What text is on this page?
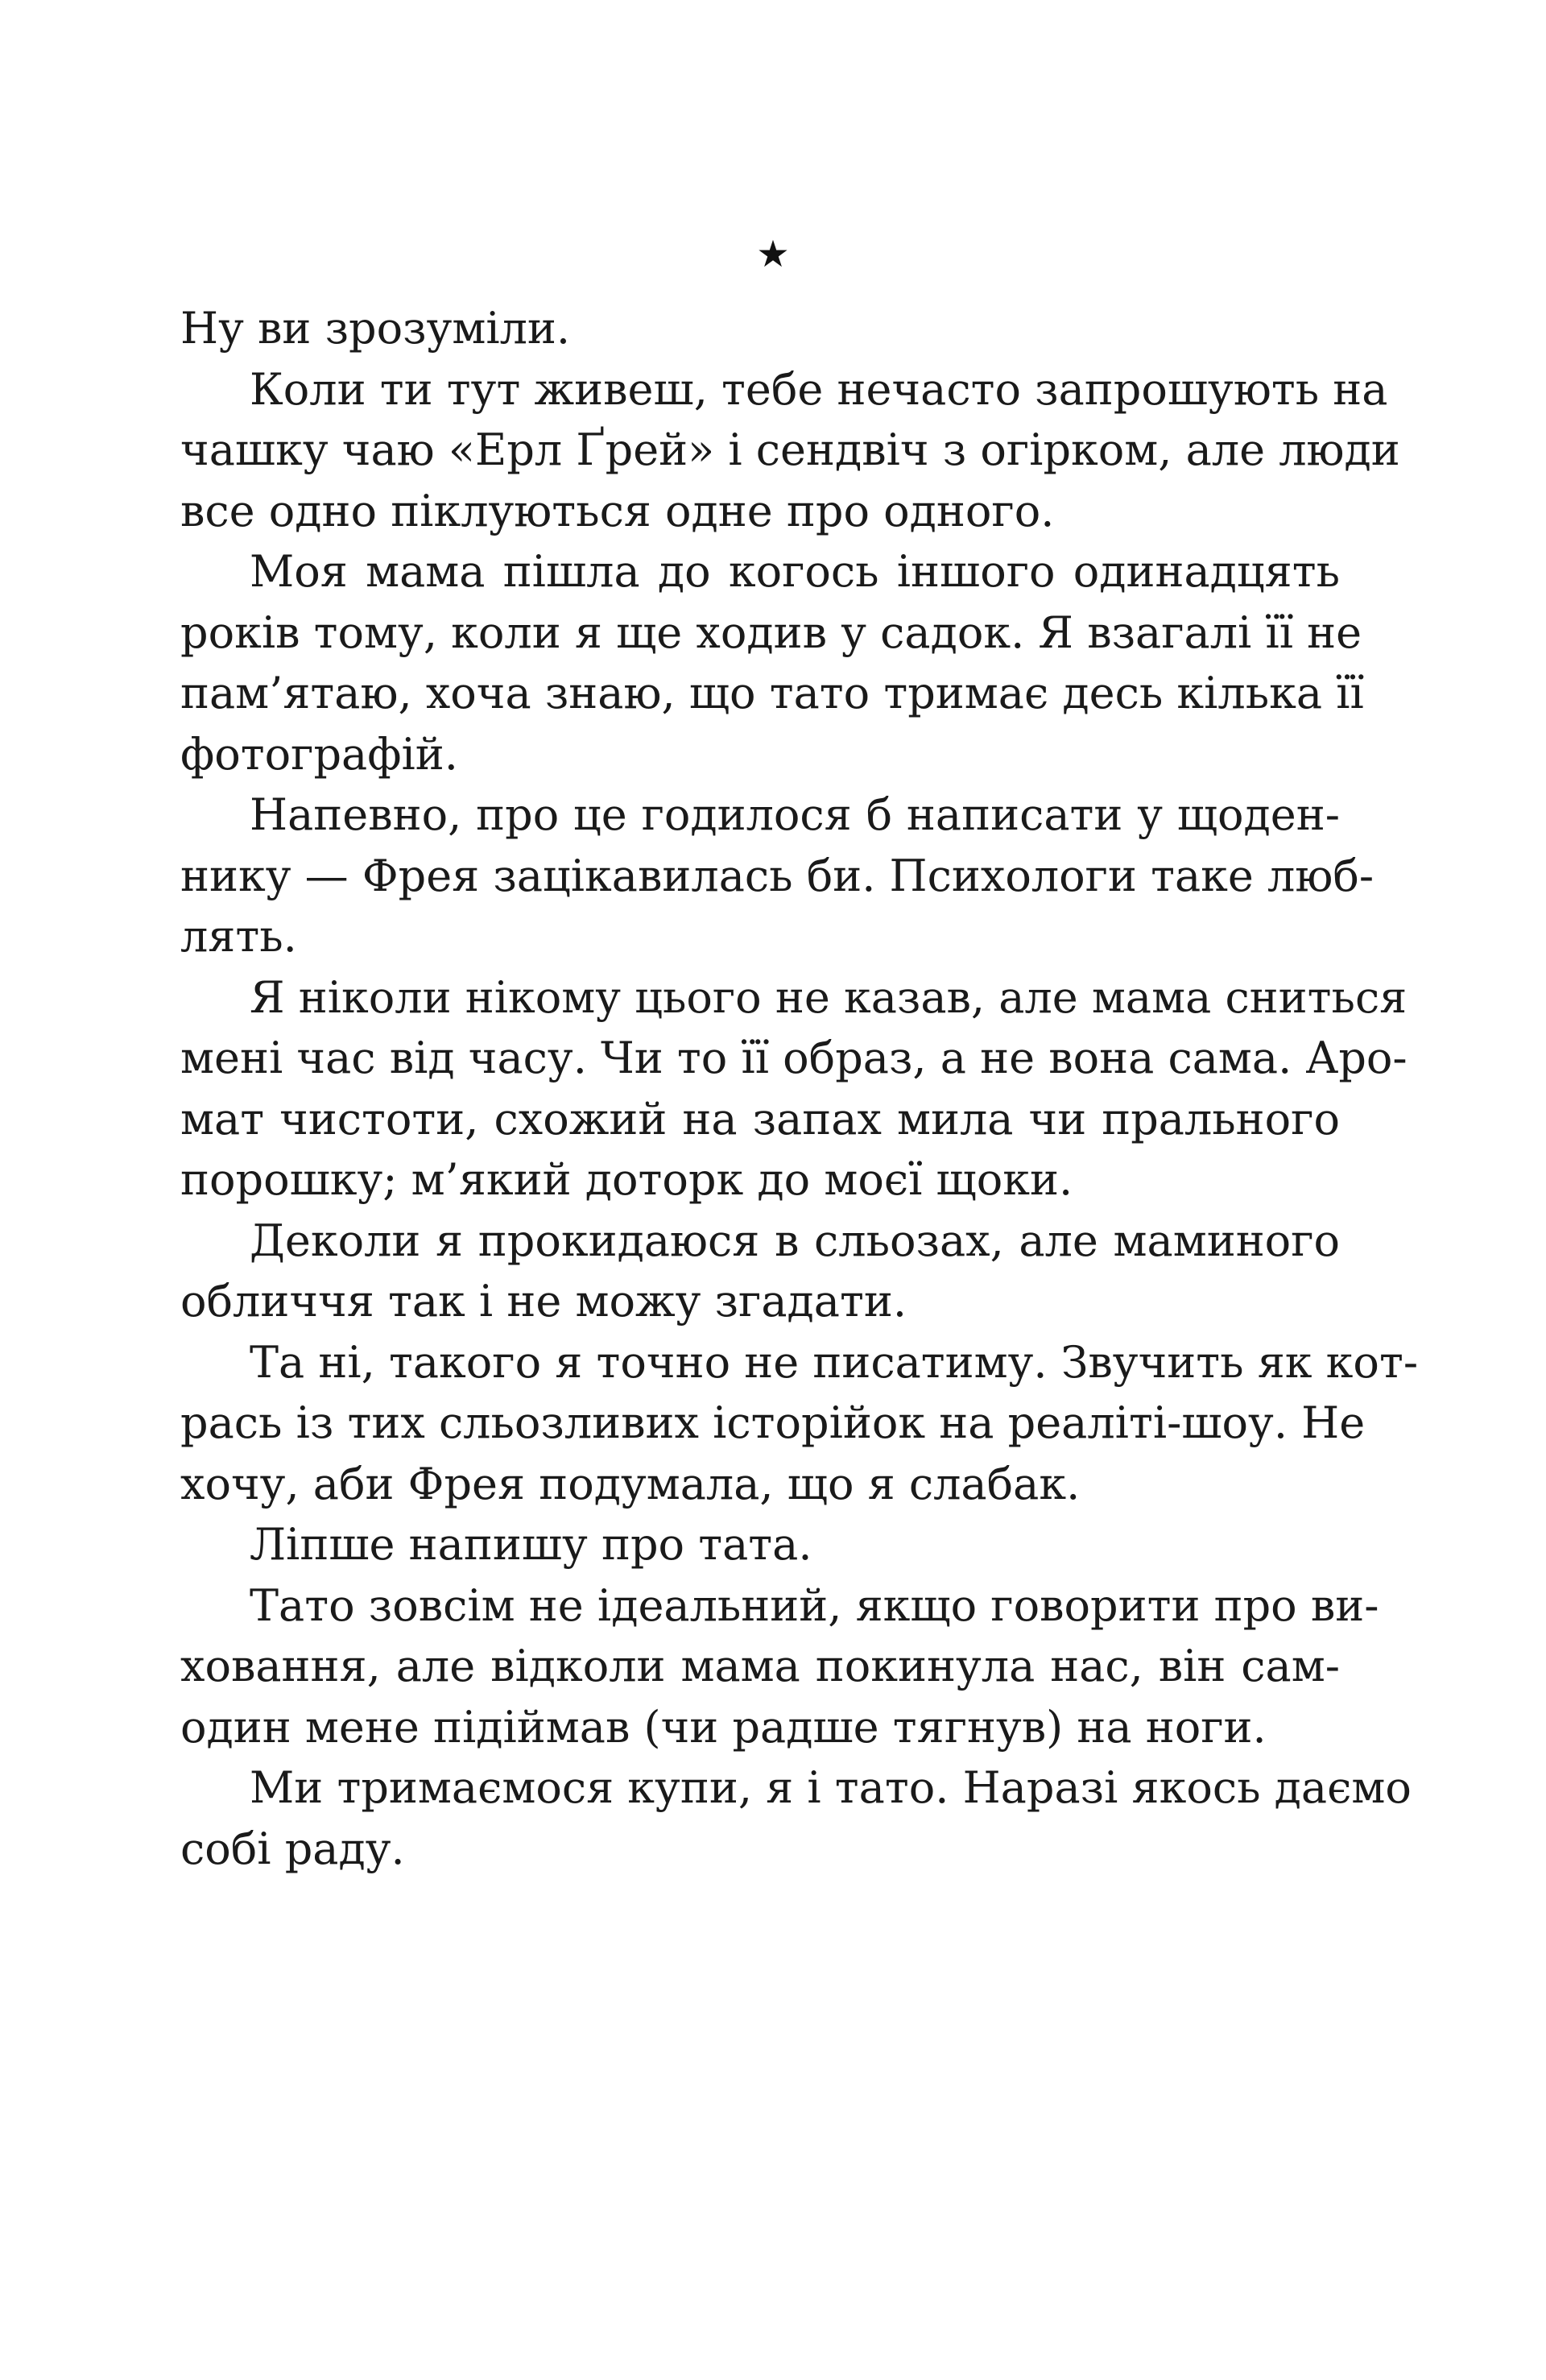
★
Ну ви зрозуміли.
Коли ти тут живеш, тебе нечасто запрошують на
чашку чаю «Ерл Ґрей» і сендвіч з огірком, але люди
все одно піклуються одне про одного.
Моя мама пішла до когось іншого одинадцять
років тому, коли я ще ходив у садок. Я взагалі її не
пам’ятаю, хоча знаю, що тато тримає десь кілька її
фотографій.
Напевно, про це годилося б написати у щоден-
нику — Фрея зацікавилась би. Психологи таке люб-
лять.
Я ніколи нікому цього не казав, але мама сниться
мені час від часу. Чи то її образ, а не вона сама. Аро-
мат чистоти, схожий на запах мила чи прального
порошку; м’який доторк до моєї щоки.
Деколи я прокидаюся в сльозах, але маминого
обличчя так і не можу згадати.
Та ні, такого я точно не писатиму. Звучить як кот-
рась із тих сльозливих історійок на реаліті-шоу. Не
хочу, аби Фрея подумала, що я слабак.
Ліпше напишу про тата.
Тато зовсім не ідеальний, якщо говорити про ви-
ховання, але відколи мама покинула нас, він сам-
один мене підіймав (чи радше тягнув) на ноги.
Ми тримаємося купи, я і тато. Наразі якось даємо
собі раду.
